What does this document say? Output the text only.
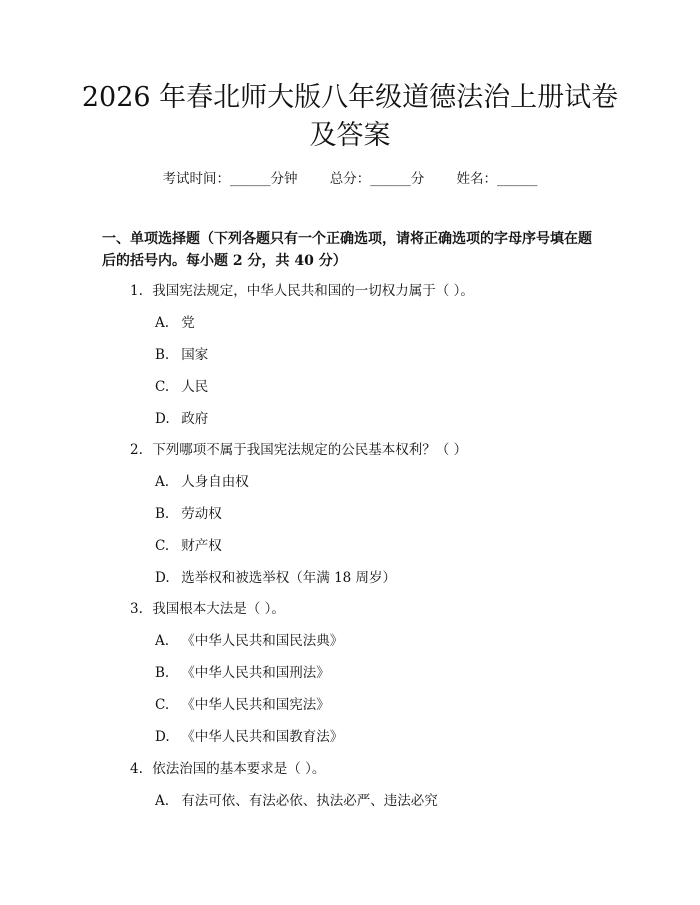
2026 年春北师大版八年级道德法治上册试卷
及答案
考试时间：______分钟 总分：______分 姓名：______

一、单项选择题（下列各题只有一个正确选项，请将正确选项的字母序号填在题后的括号内。每小题 2 分，共 40 分）

1. 我国宪法规定，中华人民共和国的一切权力属于（ ）。
A. 党
B. 国家
C. 人民
D. 政府
2. 下列哪项不属于我国宪法规定的公民基本权利？（ ）
A. 人身自由权
B. 劳动权
C. 财产权
D. 选举权和被选举权（年满 18 周岁）
3. 我国根本大法是（ ）。
A. 《中华人民共和国民法典》
B. 《中华人民共和国刑法》
C. 《中华人民共和国宪法》
D. 《中华人民共和国教育法》
4. 依法治国的基本要求是（ ）。
A. 有法可依、有法必依、执法必严、违法必究
